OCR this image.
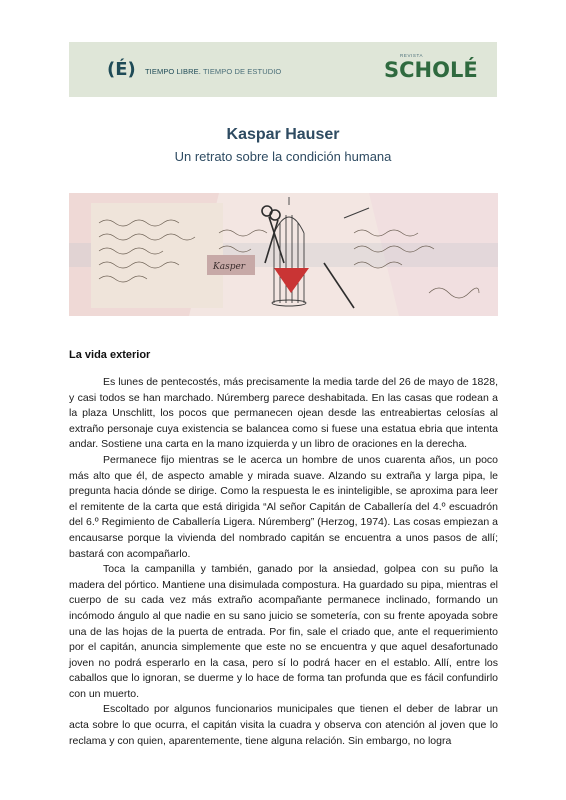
(É) TIEMPO LIBRE. TIEMPO DE ESTUDIO
REVISTA
SCHOLÉ
Kaspar Hauser
Un retrato sobre la condición humana
Kasper
La vida exterior

Es lunes de pentecostés, más precisamente la media tarde del 26 de mayo de 1828, y casi todos se han marchado. Núremberg parece deshabitada. En las casas que rodean a la plaza Unschlitt, los pocos que permanecen ojean desde las entreabiertas celosías al extraño personaje cuya existencia se balancea como si fuese una estatua ebria que intenta andar. Sostiene una carta en la mano izquierda y un libro de oraciones en la derecha.

Permanece fijo mientras se le acerca un hombre de unos cuarenta años, un poco más alto que él, de aspecto amable y mirada suave. Alzando su extraña y larga pipa, le pregunta hacia dónde se dirige. Como la respuesta le es ininteligible, se aproxima para leer el remitente de la carta que está dirigida “Al señor Capitán de Caballería del 4.º escuadrón del 6.º Regimiento de Caballería Ligera. Núremberg” (Herzog, 1974). Las cosas empiezan a encausarse porque la vivienda del nombrado capitán se encuentra a unos pasos de allí; bastará con acompañarlo.

Toca la campanilla y también, ganado por la ansiedad, golpea con su puño la madera del pórtico. Mantiene una disimulada compostura. Ha guardado su pipa, mientras el cuerpo de su cada vez más extraño acompañante permanece inclinado, formando un incómodo ángulo al que nadie en su sano juicio se sometería, con su frente apoyada sobre una de las hojas de la puerta de entrada. Por fin, sale el criado que, ante el requerimiento por el capitán, anuncia simplemente que este no se encuentra y que aquel desafortunado joven no podrá esperarlo en la casa, pero sí lo podrá hacer en el establo. Allí, entre los caballos que lo ignoran, se duerme y lo hace de forma tan profunda que es fácil confundirlo con un muerto.

Escoltado por algunos funcionarios municipales que tienen el deber de labrar un acta sobre lo que ocurra, el capitán visita la cuadra y observa con atención al joven que lo reclama y con quien, aparentemente, tiene alguna relación. Sin embargo, no logra
